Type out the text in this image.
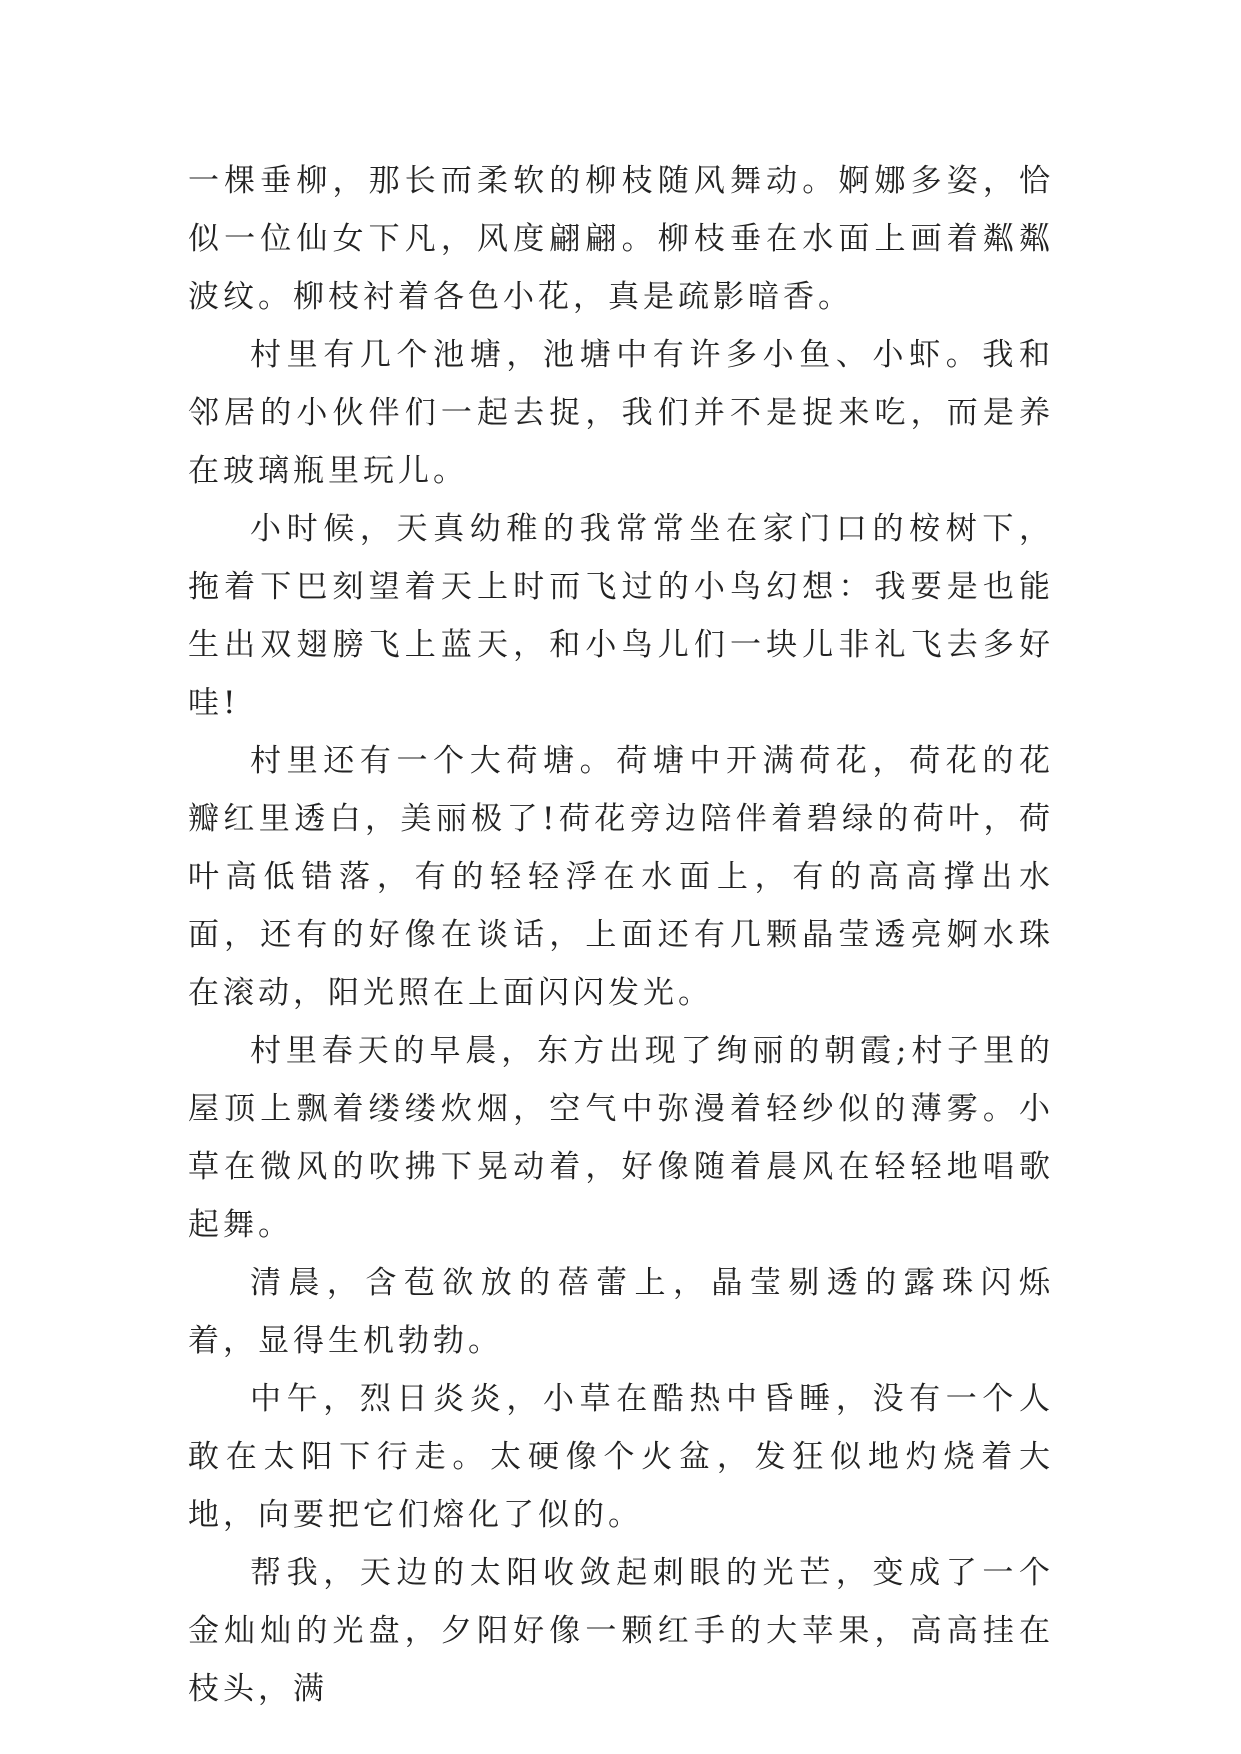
一棵垂柳，那长而柔软的柳枝随风舞动。婀娜多姿，恰似一位仙女下凡，风度翩翩。柳枝垂在水面上画着粼粼波纹。柳枝衬着各色小花，真是疏影暗香。

村里有几个池塘，池塘中有许多小鱼、小虾。我和邻居的小伙伴们一起去捉，我们并不是捉来吃，而是养在玻璃瓶里玩儿。

小时候，天真幼稚的我常常坐在家门口的桉树下，拖着下巴刻望着天上时而飞过的小鸟幻想：我要是也能生出双翅膀飞上蓝天，和小鸟儿们一块儿非礼飞去多好哇!

村里还有一个大荷塘。荷塘中开满荷花，荷花的花瓣红里透白，美丽极了!荷花旁边陪伴着碧绿的荷叶，荷叶高低错落，有的轻轻浮在水面上，有的高高撑出水面，还有的好像在谈话，上面还有几颗晶莹透亮婀水珠在滚动，阳光照在上面闪闪发光。

村里春天的早晨，东方出现了绚丽的朝霞;村子里的屋顶上飘着缕缕炊烟，空气中弥漫着轻纱似的薄雾。小草在微风的吹拂下晃动着，好像随着晨风在轻轻地唱歌起舞。

清晨，含苞欲放的蓓蕾上，晶莹剔透的露珠闪烁着，显得生机勃勃。

中午，烈日炎炎，小草在酷热中昏睡，没有一个人敢在太阳下行走。太硬像个火盆，发狂似地灼烧着大地，向要把它们熔化了似的。

帮我，天边的太阳收敛起刺眼的光芒，变成了一个金灿灿的光盘，夕阳好像一颗红手的大苹果，高高挂在枝头，满
